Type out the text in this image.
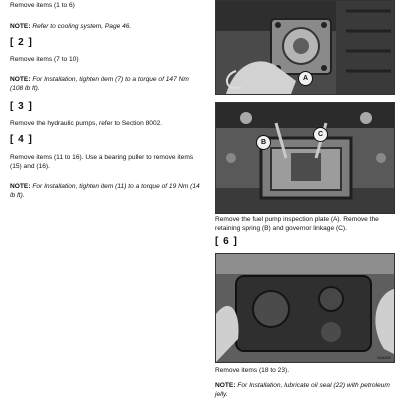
Remove items (1 to 6)

NOTE: Refer to cooling system, Page 46.

[ 2 ]

Remove items (7 to 10)

NOTE: For Installation, tighten item (7) to a torque of 147 Nm (108 lb ft).

[ 3 ]

Remove the hydraulic pumps, refer to Section 8002.

[ 4 ]

Remove items (11 to 16). Use a bearing puller to remove items (15) and (16).

NOTE: For Installation, tighten item (11) to a torque of 19 Nm (14 lb ft).

A
B
C

Remove the fuel pump inspection plate (A). Remove the retaining spring (B) and governor linkage (C).

[ 6 ]
00A000

Remove items (18 to 23).

NOTE: For Installation, lubricate oil seal (22) with petroleum jelly.
